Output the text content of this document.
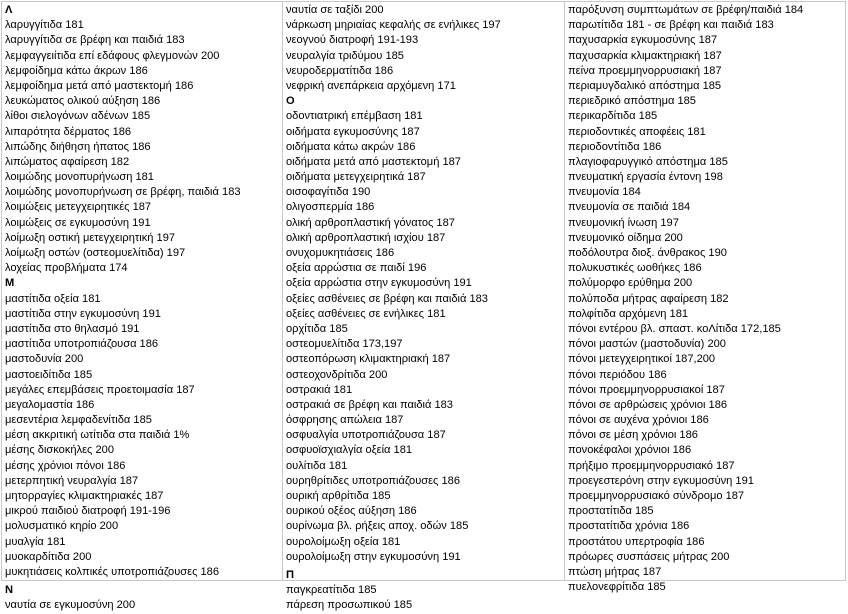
Λ
λαρυγγίτιδα 181
λαρυγγίτιδα σε βρέφη και παιδιά 183
λεμφαγγειίτιδα επί εδάφους φλεγμονών 200
λεμφοίδημα κάτω άκρων 186
λεμφοίδημα μετά από μαστεκτομή 186
λευκώματος ολικού αύξηση 186
λίθοι σιελογόνων αδένων 185
λιπαρότητα δέρματος 186
λιπώδης διήθηση ήπατος 186
λιπώματος αφαίρεση 182
λοιμώδης μονοπυρήνωση 181
λοιμώδης μονοπυρήνωση σε βρέφη, παιδιά 183
λοιμώξεις μετεγχειρητικές 187
λοιμώξεις σε εγκυμοσύνη 191
λοίμωξη οστική μετεγχειρητική 197
λοίμωξη οστών (οστεομυελίτιδα) 197
λοχείας προβλήματα 174
Μ
μαστίτιδα οξεία 181
μαστίτιδα στην εγκυμοσύνη 191
μαστίτιδα στο θηλασμό 191
μαστίτιδα υποτροπιάζουσα 186
μαστοδυνία 200
μαστοειδίτιδα 185
μεγάλες επεμβάσεις προετοιμασία 187
μεγαλομαστία 186
μεσεντέρια λεμφαδενίτιδα 185
μέση ακκριτική ωτίτιδα στα παιδιά 1%
μέσης δισκοκήλες 200
μέσης χρόνιοι πόνοι 186
μετερπητική νευραλγία 187
μητορραγίες κλιμακτηριακές 187
μικρού παιδιού διατροφή 191-196
μολυσματικό κηρίο 200
μυαλγία 181
μυοκαρδίτιδα 200
μυκητιάσεις κολπικές υποτροπιάζουσες 186
Ν
ναυτία σε εγκυμοσύνη 200
ναυτία σε ταξίδι 200
νάρκωση μηριαίας κεφαλής σε ενήλικες 197
νεογνού διατροφή 191-193
νευραλγία τριδύμου 185
νευροδερματίτιδα 186
νεφρική ανεπάρκεια αρχόμενη 171
Ο
οδοντιατρική επέμβαση 181
οιδήματα εγκυμοσύνης 187
οιδήματα κάτω ακρών 186
οιδήματα μετά από μαστεκτομή 187
οιδήματα μετεγχειρητικά 187
οισοφαγίτιδα 190
ολιγοσπερμία 186
ολική αρθροπλαστική γόνατος 187
ολική αρθροπλαστική ισχίου 187
ονυχομυκητιάσεις 186
οξεία αρρώστια σε παιδί 196
οξεία αρρώστια στην εγκυμοσύνη 191
οξείες ασθένειες σε βρέφη και παιδιά 183
οξείες ασθένειες σε ενήλικες 181
ορχίτιδα 185
οστεομυελίτιδα 173,197
οστεοπόρωση κλιμακτηριακή 187
οστεοχονδρίτιδα 200
οστρακιά 181
οστρακιά σε βρέφη και παιδιά 183
όσφρησης απώλεια 187
οσφυαλγία υποτροπιάζουσα 187
οσφυοϊσχιαλγία οξεία 181
ουλίτιδα 181
ουρηθρίτιδες υποτροπιάζουσες 186
ουρική αρθρίτιδα 185
ουρικού οξέος αύξηση 186
ουρίνωμα βλ. ρήξεις αποχ. οδών 185
ουρολοίμωξη οξεία 181
ουρολοίμωξη στην εγκυμοσύνη 191
Π
παγκρεατίτιδα 185
πάρεση προσωπικού 185
παρόξυνση συμπτωμάτων σε βρέφη/παιδιά 184
παρωτίτιδα 181 - σε βρέφη και παιδιά 183
παχυσαρκία εγκυμοσύνης 187
παχυσαρκία κλιμακτηριακή 187
πείνα προεμμηνορρυσιακή 187
περιαμυγδαλικό απόστημα 185
περιεδρικό απόστημα 185
περικαρδίτιδα 185
περιοδοντικές αποφέεις 181
περιοδοντίτιδα 186
πλαγιοφαρυγγικό απόστημα 185
πνευματική εργασία έντονη 198
πνευμονία 184
πνευμονία σε παιδιά 184
πνευμονική ίνωση 197
πνευμονικό οίδημα 200
ποδόλουτρα διοξ. άνθρακος 190
πολυκυστικές ωοθήκες 186
πολύμορφο ερύθημα 200
πολύποδα μήτρας αφαίρεση 182
πολφίτιδα αρχόμενη 181
πόνοι εντέρου βλ. σπαστ. κοΛίτιδα 172,185
πόνοι μαστών (μαστοδυνία) 200
πόνοι μετεγχειρητικοί 187,200
πόνοι περιόδου 186
πόνοι προεμμηνορρυσιακοί 187
πόνοι σε αρθρώσεις χρόνιοι 186
πόνοι σε αυχένα χρόνιοι 186
πόνοι σε μέση χρόνιοι 186
πονοκέφαλοι χρόνιοι 186
πρήξιμο προεμμηνορρυσιακό 187
προεγεστερόνη στην εγκυμοσύνη 191
προεμμηνορρυσιακό σύνδρομο 187
προστατίτιδα 185
προστατίτιδα χρόνια 186
προστάτου υπερτροφία 186
πρόωρες συσπάσεις μήτρας 200
πτώση μήτρας 187
πυελονεφρίτιδα 185
